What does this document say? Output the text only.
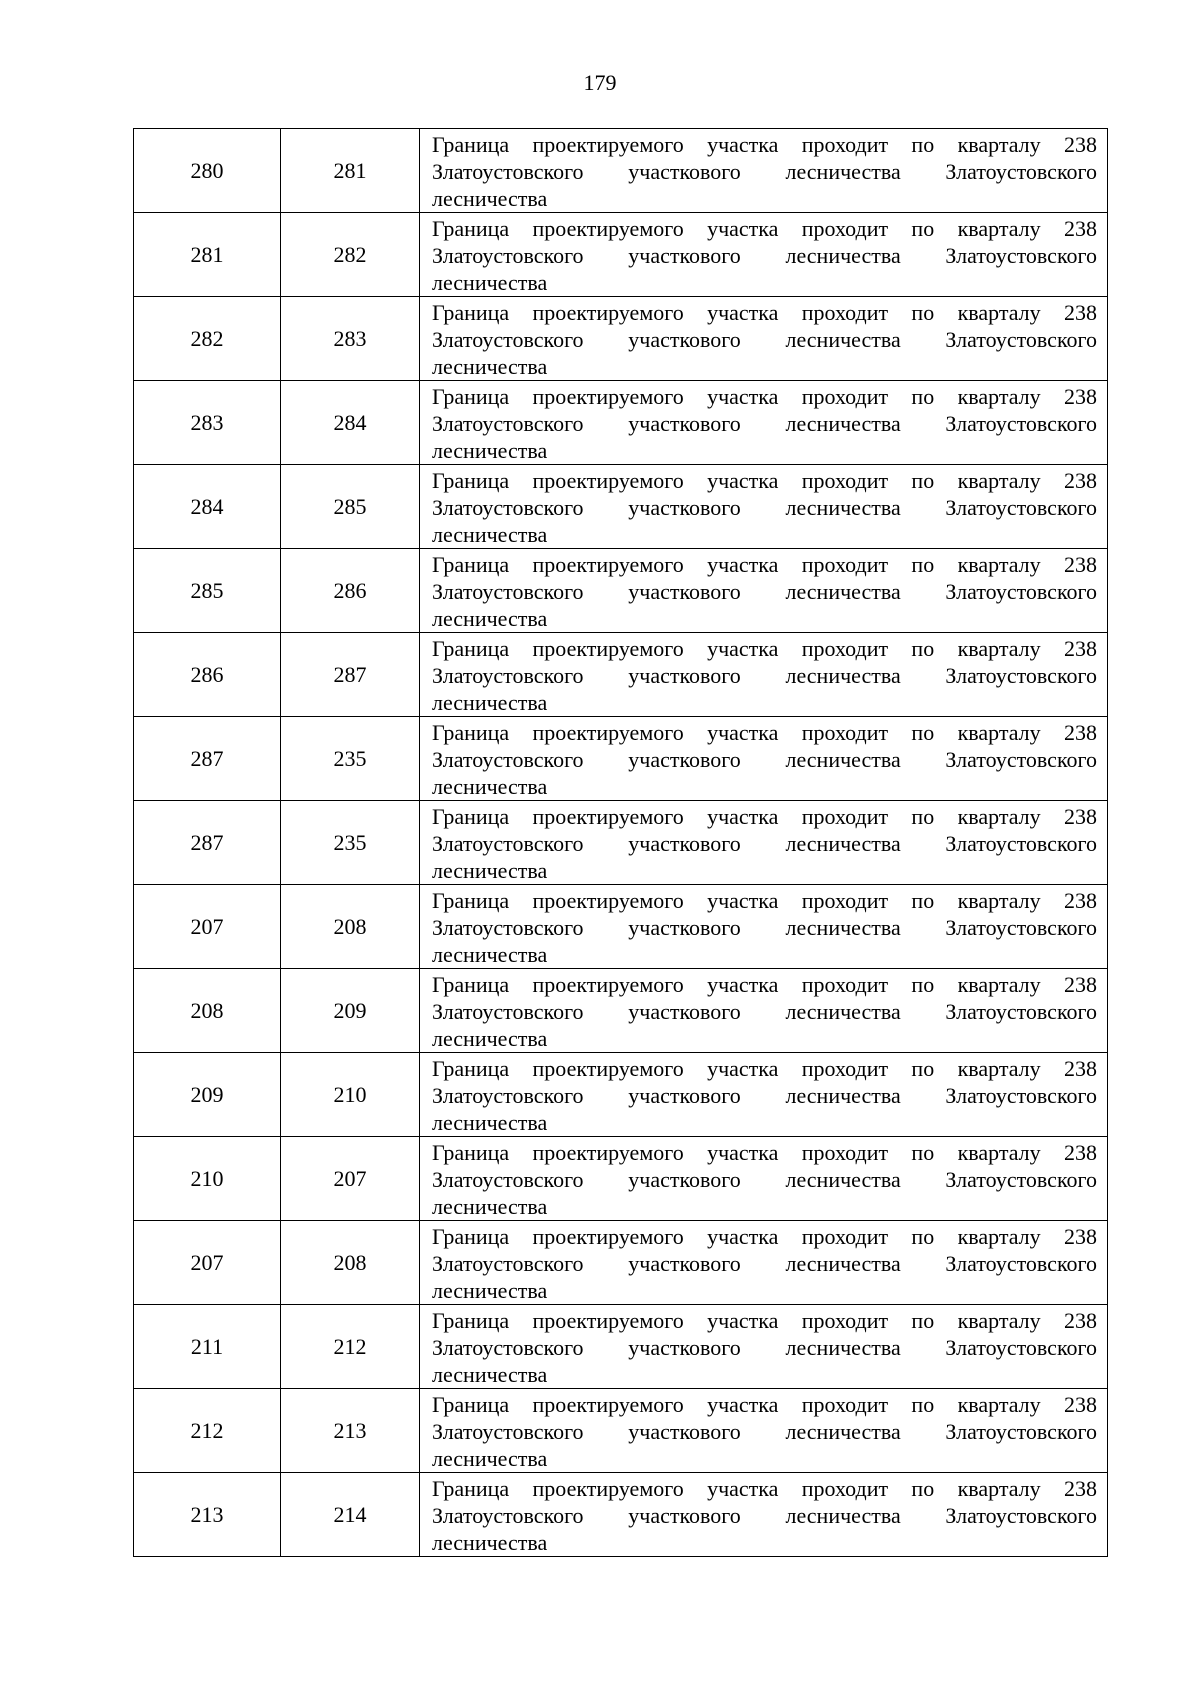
179
280	281	Граница проектируемого участка проходит по кварталу 238 Златоустовского участкового лесничества Златоустовского лесничества
281	282	Граница проектируемого участка проходит по кварталу 238 Златоустовского участкового лесничества Златоустовского лесничества
282	283	Граница проектируемого участка проходит по кварталу 238 Златоустовского участкового лесничества Златоустовского лесничества
283	284	Граница проектируемого участка проходит по кварталу 238 Златоустовского участкового лесничества Златоустовского лесничества
284	285	Граница проектируемого участка проходит по кварталу 238 Златоустовского участкового лесничества Златоустовского лесничества
285	286	Граница проектируемого участка проходит по кварталу 238 Златоустовского участкового лесничества Златоустовского лесничества
286	287	Граница проектируемого участка проходит по кварталу 238 Златоустовского участкового лесничества Златоустовского лесничества
287	235	Граница проектируемого участка проходит по кварталу 238 Златоустовского участкового лесничества Златоустовского лесничества
287	235	Граница проектируемого участка проходит по кварталу 238 Златоустовского участкового лесничества Златоустовского лесничества
207	208	Граница проектируемого участка проходит по кварталу 238 Златоустовского участкового лесничества Златоустовского лесничества
208	209	Граница проектируемого участка проходит по кварталу 238 Златоустовского участкового лесничества Златоустовского лесничества
209	210	Граница проектируемого участка проходит по кварталу 238 Златоустовского участкового лесничества Златоустовского лесничества
210	207	Граница проектируемого участка проходит по кварталу 238 Златоустовского участкового лесничества Златоустовского лесничества
207	208	Граница проектируемого участка проходит по кварталу 238 Златоустовского участкового лесничества Златоустовского лесничества
211	212	Граница проектируемого участка проходит по кварталу 238 Златоустовского участкового лесничества Златоустовского лесничества
212	213	Граница проектируемого участка проходит по кварталу 238 Златоустовского участкового лесничества Златоустовского лесничества
213	214	Граница проектируемого участка проходит по кварталу 238 Златоустовского участкового лесничества Златоустовского лесничества
